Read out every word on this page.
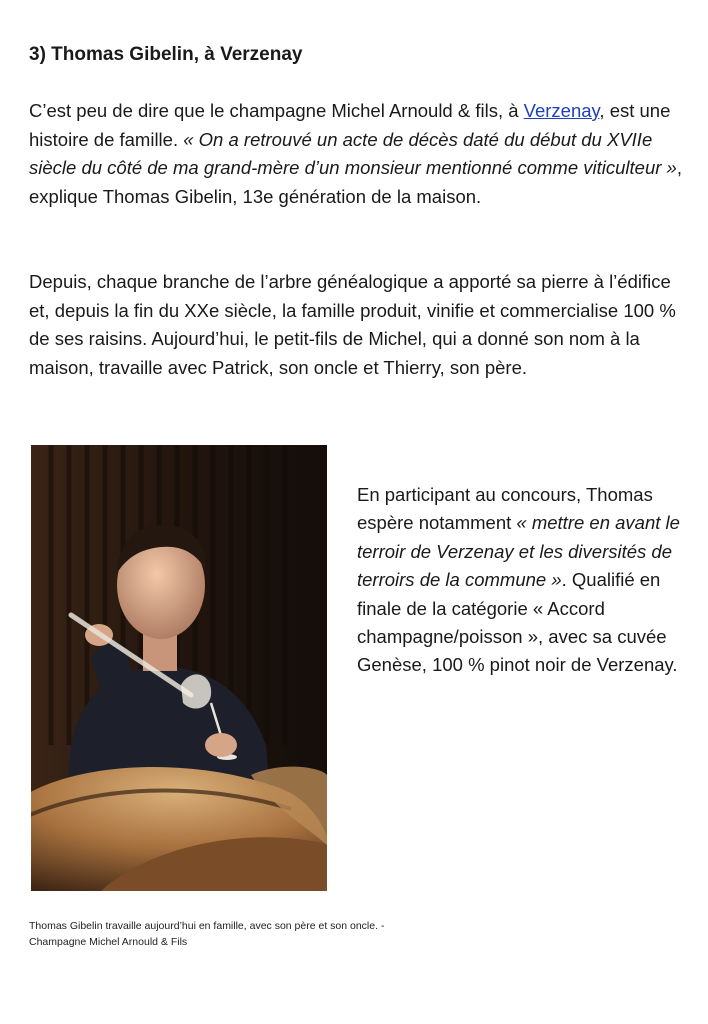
3) Thomas Gibelin, à Verzenay

C’est peu de dire que le champagne Michel Arnould & fils, à Verzenay, est une histoire de famille. « On a retrouvé un acte de décès daté du début du XVIIe siècle du côté de ma grand-mère d’un monsieur mentionné comme viticulteur », explique Thomas Gibelin, 13e génération de la maison.

Depuis, chaque branche de l’arbre généalogique a apporté sa pierre à l’édifice et, depuis la fin du XXe siècle, la famille produit, vinifie et commercialise 100 % de ses raisins. Aujourd’hui, le petit-fils de Michel, qui a donné son nom à la maison, travaille avec Patrick, son oncle et Thierry, son père.

En participant au concours, Thomas espère notamment « mettre en avant le terroir de Verzenay et les diversités de terroirs de la commune ». Qualifié en finale de la catégorie « Accord champagne/poisson », avec sa cuvée Genèse, 100 % pinot noir de Verzenay.

Thomas Gibelin travaille aujourd’hui en famille, avec son père et son oncle. - Champagne Michel Arnould & Fils
